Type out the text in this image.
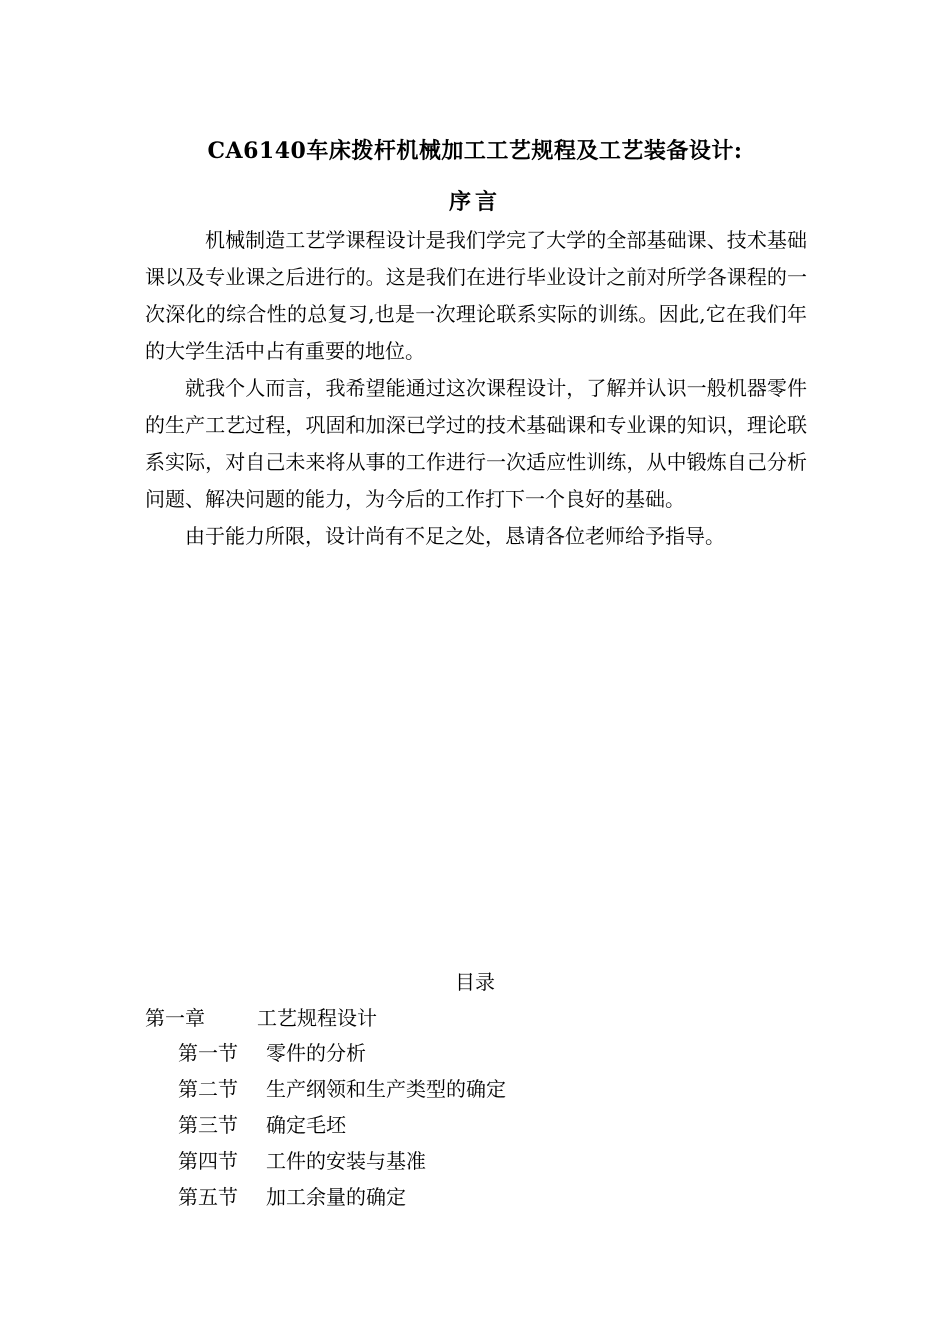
CA6140车床拨杆机械加工工艺规程及工艺装备设计:
序言

机械制造工艺学课程设计是我们学完了大学的全部基础课、技术基础课以及专业课之后进行的。这是我们在进行毕业设计之前对所学各课程的一次深化的综合性的总复习,也是一次理论联系实际的训练。因此,它在我们年的大学生活中占有重要的地位。

就我个人而言，我希望能通过这次课程设计，了解并认识一般机器零件的生产工艺过程，巩固和加深已学过的技术基础课和专业课的知识，理论联系实际，对自己未来将从事的工作进行一次适应性训练，从中锻炼自己分析问题、解决问题的能力，为今后的工作打下一个良好的基础。

由于能力所限，设计尚有不足之处，恳请各位老师给予指导。

目录
第一章	工艺规程设计
第一节 零件的分析
第二节 生产纲领和生产类型的确定
第三节 确定毛坯
第四节 工件的安装与基准
第五节 加工余量的确定
